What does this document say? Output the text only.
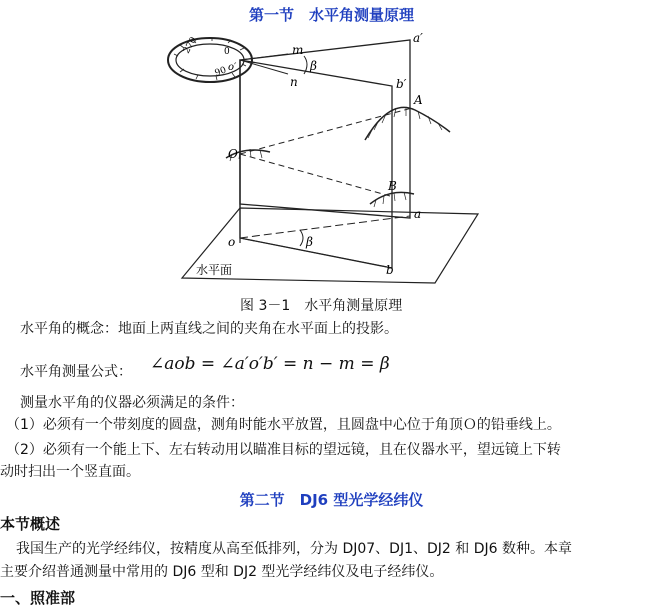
第一节　水平角测量原理
m
n
β
o′
0
90
270	a′
b′
A
O
B
a
o	β
b
水平面
图 3－1　水平角测量原理
水平角的概念：地面上两直线之间的夹角在水平面上的投影。
水平角测量公式： ∠aob = ∠a′o′b′ = n − m = β
测量水平角的仪器必须满足的条件：
（1）必须有一个带刻度的圆盘，测角时能水平放置，且圆盘中心位于角顶Ｏ的铅垂线上。
（2）必须有一个能上下、左右转动用以瞄准目标的望远镜，且在仪器水平，望远镜上下转
动时扫出一个竖直面。
第二节　DJ6 型光学经纬仪
本节概述
我国生产的光学经纬仪，按精度从高至低排列，分为 DJ07、DJ1、DJ2 和 DJ6 数种。本章
主要介绍普通测量中常用的 DJ6 型和 DJ2 型光学经纬仪及电子经纬仪。
一、照准部
